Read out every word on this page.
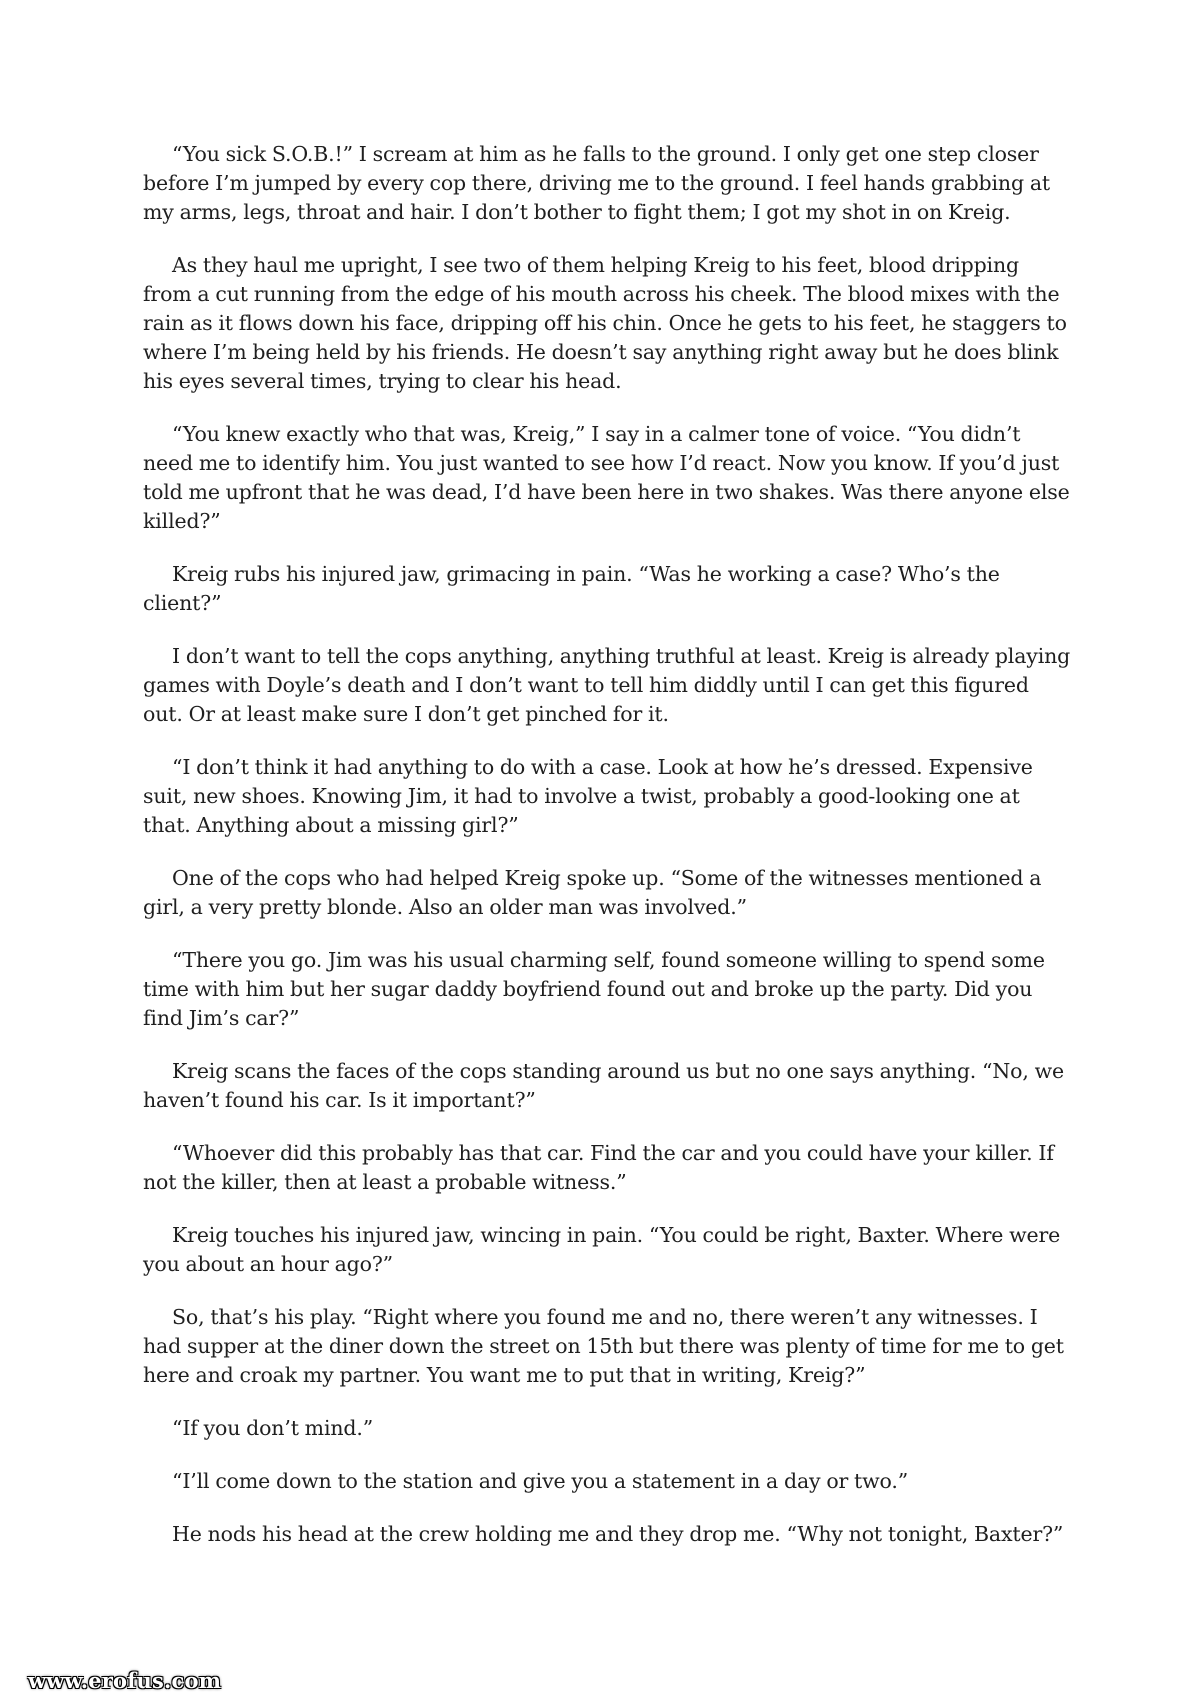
“You sick S.O.B.!” I scream at him as he falls to the ground. I only get one step closer before I’m jumped by every cop there, driving me to the ground. I feel hands grabbing at my arms, legs, throat and hair. I don’t bother to fight them; I got my shot in on Kreig.

As they haul me upright, I see two of them helping Kreig to his feet, blood dripping from a cut running from the edge of his mouth across his cheek. The blood mixes with the rain as it flows down his face, dripping off his chin. Once he gets to his feet, he staggers to where I’m being held by his friends. He doesn’t say anything right away but he does blink his eyes several times, trying to clear his head.

“You knew exactly who that was, Kreig,” I say in a calmer tone of voice. “You didn’t need me to identify him. You just wanted to see how I’d react. Now you know. If you’d just told me upfront that he was dead, I’d have been here in two shakes. Was there anyone else killed?”

Kreig rubs his injured jaw, grimacing in pain. “Was he working a case? Who’s the client?”

I don’t want to tell the cops anything, anything truthful at least. Kreig is already playing games with Doyle’s death and I don’t want to tell him diddly until I can get this figured out. Or at least make sure I don’t get pinched for it.

“I don’t think it had anything to do with a case. Look at how he’s dressed. Expensive suit, new shoes. Knowing Jim, it had to involve a twist, probably a good-looking one at that. Anything about a missing girl?”

One of the cops who had helped Kreig spoke up. “Some of the witnesses mentioned a girl, a very pretty blonde. Also an older man was involved.”

“There you go. Jim was his usual charming self, found someone willing to spend some time with him but her sugar daddy boyfriend found out and broke up the party. Did you find Jim’s car?”

Kreig scans the faces of the cops standing around us but no one says anything. “No, we haven’t found his car. Is it important?”

“Whoever did this probably has that car. Find the car and you could have your killer. If not the killer, then at least a probable witness.”

Kreig touches his injured jaw, wincing in pain. “You could be right, Baxter. Where were you about an hour ago?”

So, that’s his play. “Right where you found me and no, there weren’t any witnesses. I had supper at the diner down the street on 15th but there was plenty of time for me to get here and croak my partner. You want me to put that in writing, Kreig?”

“If you don’t mind.”

“I’ll come down to the station and give you a statement in a day or two.”

He nods his head at the crew holding me and they drop me. “Why not tonight, Baxter?”

www.erofus.com
